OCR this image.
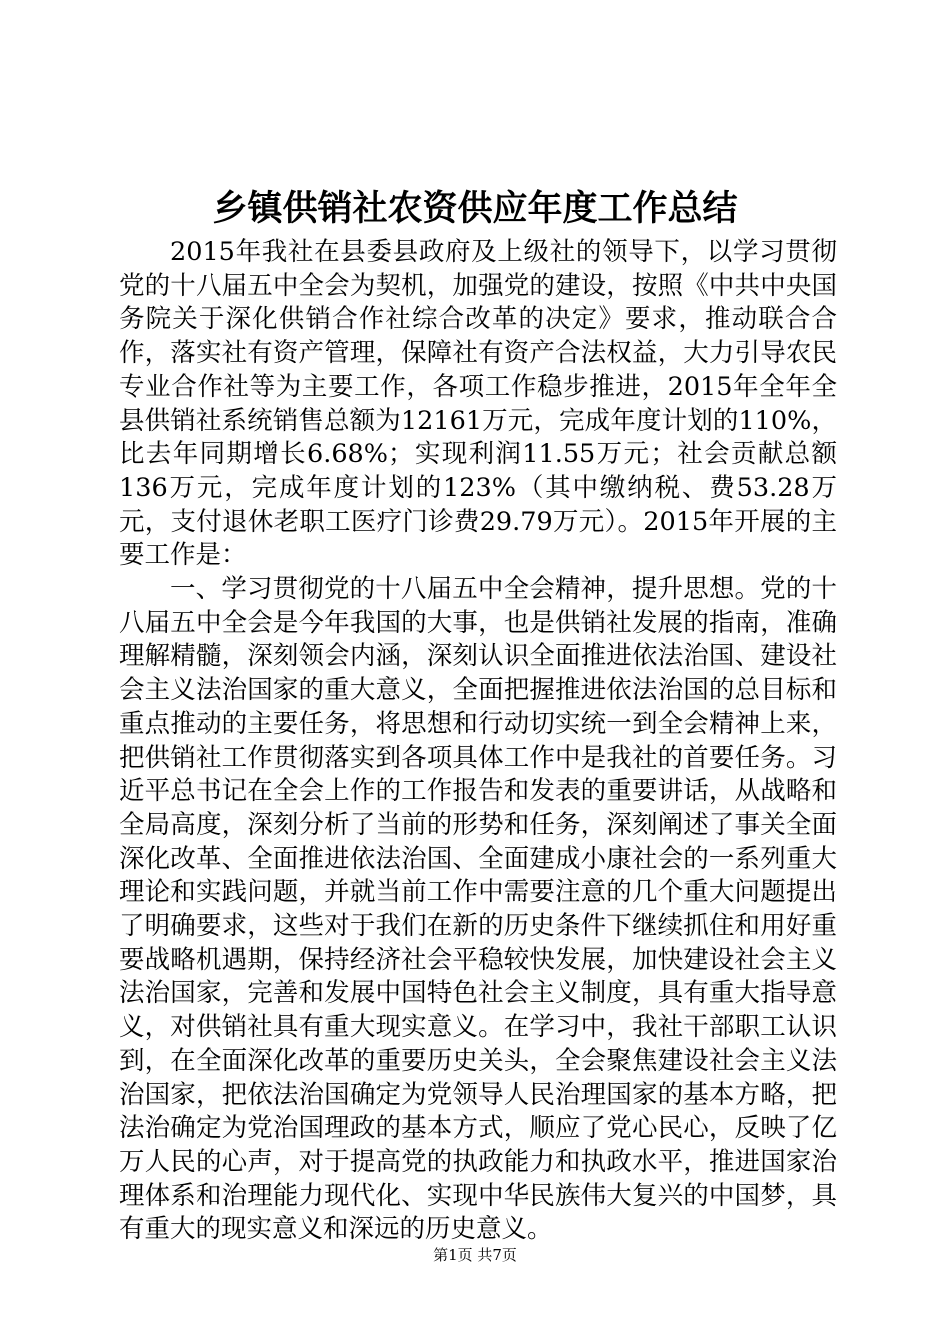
乡镇供销社农资供应年度工作总结

2015年我社在县委县政府及上级社的领导下，以学习贯彻党的十八届五中全会为契机，加强党的建设，按照《中共中央国务院关于深化供销合作社综合改革的决定》要求，推动联合合作，落实社有资产管理，保障社有资产合法权益，大力引导农民专业合作社等为主要工作，各项工作稳步推进，2015年全年全县供销社系统销售总额为12161万元，完成年度计划的110%，比去年同期增长6.68%；实现利润11.55万元；社会贡献总额136万元，完成年度计划的123%（其中缴纳税、费53.28万元，支付退休老职工医疗门诊费29.79万元）。2015年开展的主要工作是：

一、学习贯彻党的十八届五中全会精神，提升思想。党的十八届五中全会是今年我国的大事，也是供销社发展的指南，准确理解精髓，深刻领会内涵，深刻认识全面推进依法治国、建设社会主义法治国家的重大意义，全面把握推进依法治国的总目标和重点推动的主要任务，将思想和行动切实统一到全会精神上来，把供销社工作贯彻落实到各项具体工作中是我社的首要任务。习近平总书记在全会上作的工作报告和发表的重要讲话，从战略和全局高度，深刻分析了当前的形势和任务，深刻阐述了事关全面深化改革、全面推进依法治国、全面建成小康社会的一系列重大理论和实践问题，并就当前工作中需要注意的几个重大问题提出了明确要求，这些对于我们在新的历史条件下继续抓住和用好重要战略机遇期，保持经济社会平稳较快发展，加快建设社会主义法治国家，完善和发展中国特色社会主义制度，具有重大指导意义，对供销社具有重大现实意义。在学习中，我社干部职工认识到，在全面深化改革的重要历史关头，全会聚焦建设社会主义法治国家，把依法治国确定为党领导人民治理国家的基本方略，把法治确定为党治国理政的基本方式，顺应了党心民心，反映了亿万人民的心声，对于提高党的执政能力和执政水平，推进国家治理体系和治理能力现代化、实现中华民族伟大复兴的中国梦，具有重大的现实意义和深远的历史意义。

第1页 共7页
